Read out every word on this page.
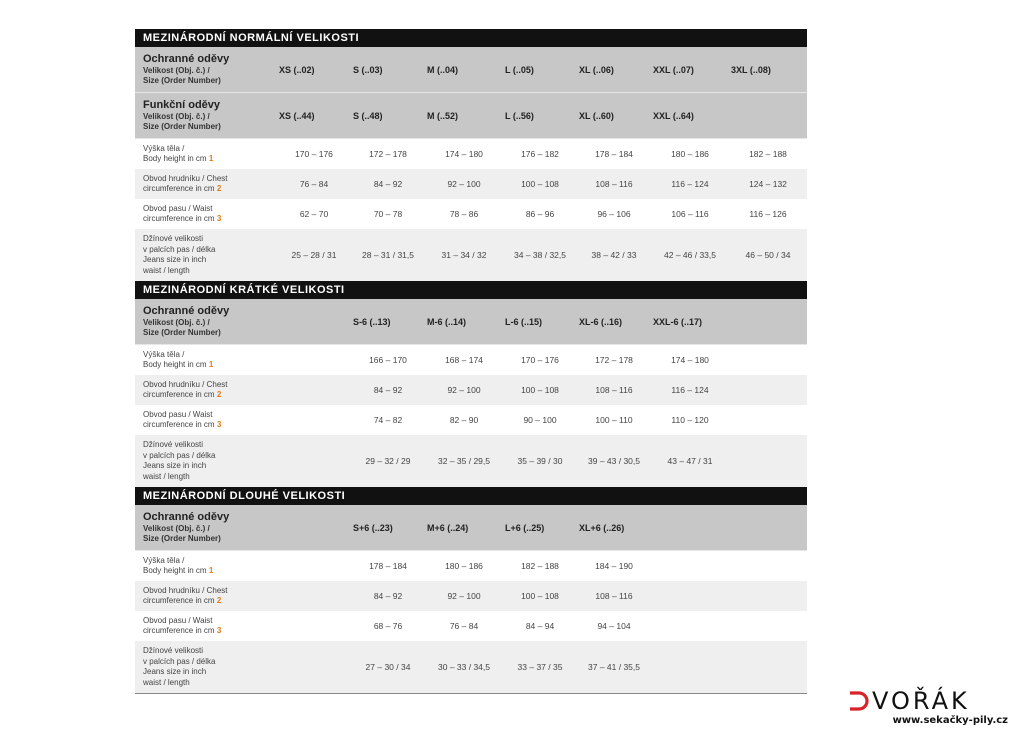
MEZINÁRODNÍ NORMÁLNÍ VELIKOSTI
Ochranné oděvy
Velikost (Obj. č.) /
Size (Order Number)
XS (..02)	S (..03)	M (..04)	L (..05)	XL (..06)	XXL (..07)	3XL (..08)
Funkční oděvy
Velikost (Obj. č.) /
Size (Order Number)
XS (..44)	S (..48)	M (..52)	L (..56)	XL (..60)	XXL (..64)
Výška těla /
Body height in cm 1	170 – 176	172 – 178	174 – 180	176 – 182	178 – 184	180 – 186	182 – 188
Obvod hrudníku / Chest
circumference in cm 2	76 – 84	84 – 92	92 – 100	100 – 108	108 – 116	116 – 124	124 – 132
Obvod pasu / Waist
circumference in cm 3	62 – 70	70 – 78	78 – 86	86 – 96	96 – 106	106 – 116	116 – 126
Džínové velikosti
v palcích pas / délka
Jeans size in inch
waist / length
25 – 28 / 31	28 – 31 / 31,5	31 – 34 / 32	34 – 38 / 32,5	38 – 42 / 33	42 – 46 / 33,5	46 – 50 / 34
MEZINÁRODNÍ KRÁTKÉ VELIKOSTI
Ochranné oděvy
Velikost (Obj. č.) /
Size (Order Number)
S-6 (..13)	M-6 (..14)	L-6 (..15)	XL-6 (..16)	XXL-6 (..17)
Výška těla /
Body height in cm 1	166 – 170	168 – 174	170 – 176	172 – 178	174 – 180
Obvod hrudníku / Chest
circumference in cm 2	84 – 92	92 – 100	100 – 108	108 – 116	116 – 124
Obvod pasu / Waist
circumference in cm 3	74 – 82	82 – 90	90 – 100	100 – 110	110 – 120
Džínové velikosti
v palcích pas / délka
Jeans size in inch
waist / length
29 – 32 / 29	32 – 35 / 29,5	35 – 39 / 30	39 – 43 / 30,5	43 – 47 / 31
MEZINÁRODNÍ DLOUHÉ VELIKOSTI
Ochranné oděvy
Velikost (Obj. č.) /
Size (Order Number)
S+6 (..23)	M+6 (..24)	L+6 (..25)	XL+6 (..26)
Výška těla /
Body height in cm 1	178 – 184	180 – 186	182 – 188	184 – 190
Obvod hrudníku / Chest
circumference in cm 2	84 – 92	92 – 100	100 – 108	108 – 116
Obvod pasu / Waist
circumference in cm 3	68 – 76	76 – 84	84 – 94	94 – 104
Džínové velikosti
v palcích pas / délka
Jeans size in inch
waist / length
27 – 30 / 34	30 – 33 / 34,5	33 – 37 / 35	37 – 41 / 35,5
VOŘÁK
www.sekačky-pily.cz
